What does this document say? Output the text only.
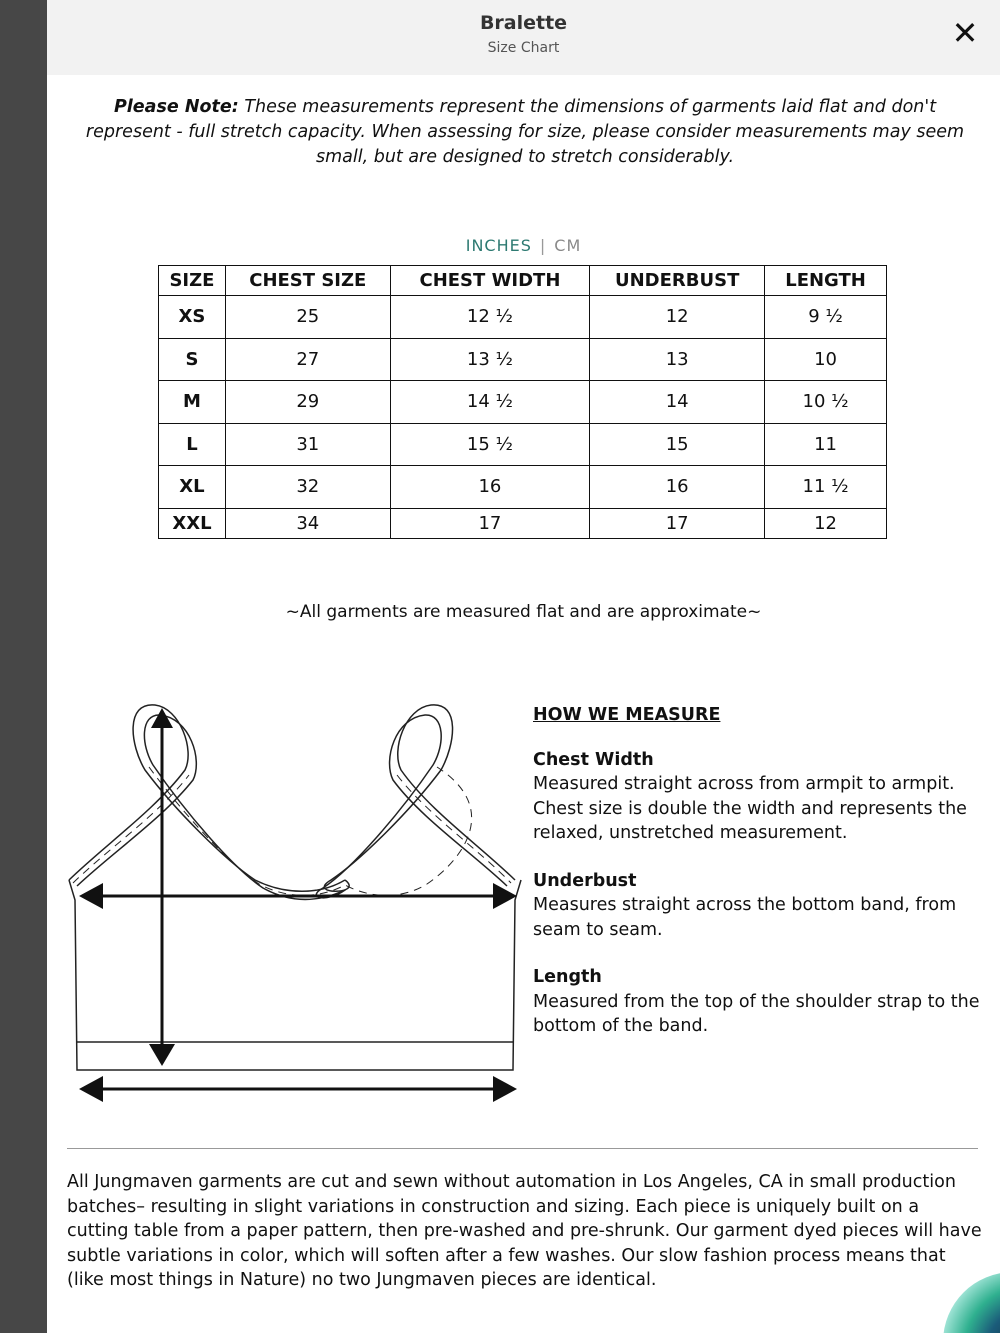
Bralette
Size Chart	✕
Please Note: These measurements represent the dimensions of garments laid flat and don't represent - full stretch capacity. When assessing for size, please consider measurements may seem small, but are designed to stretch considerably.
INCHES | CM
SIZE	CHEST SIZE	CHEST WIDTH	UNDERBUST	LENGTH
XS	25	12 ½	12	9 ½
S	27	13 ½	13	10
M	29	14 ½	14	10 ½
L	31	15 ½	15	11
XL	32	16	16	11 ½
XXL	34	17	17	12
~All garments are measured flat and are approximate~
HOW WE MEASURE
Chest Width
Measured straight across from armpit to armpit. Chest size is double the width and represents the relaxed, unstretched measurement.
Underbust
Measures straight across the bottom band, from seam to seam.
Length
Measured from the top of the shoulder strap to the bottom of the band.
All Jungmaven garments are cut and sewn without automation in Los Angeles, CA in small production batches– resulting in slight variations in construction and sizing. Each piece is uniquely built on a cutting table from a paper pattern, then pre-washed and pre-shrunk. Our garment dyed pieces will have subtle variations in color, which will soften after a few washes. Our slow fashion process means that (like most things in Nature) no two Jungmaven pieces are identical.
